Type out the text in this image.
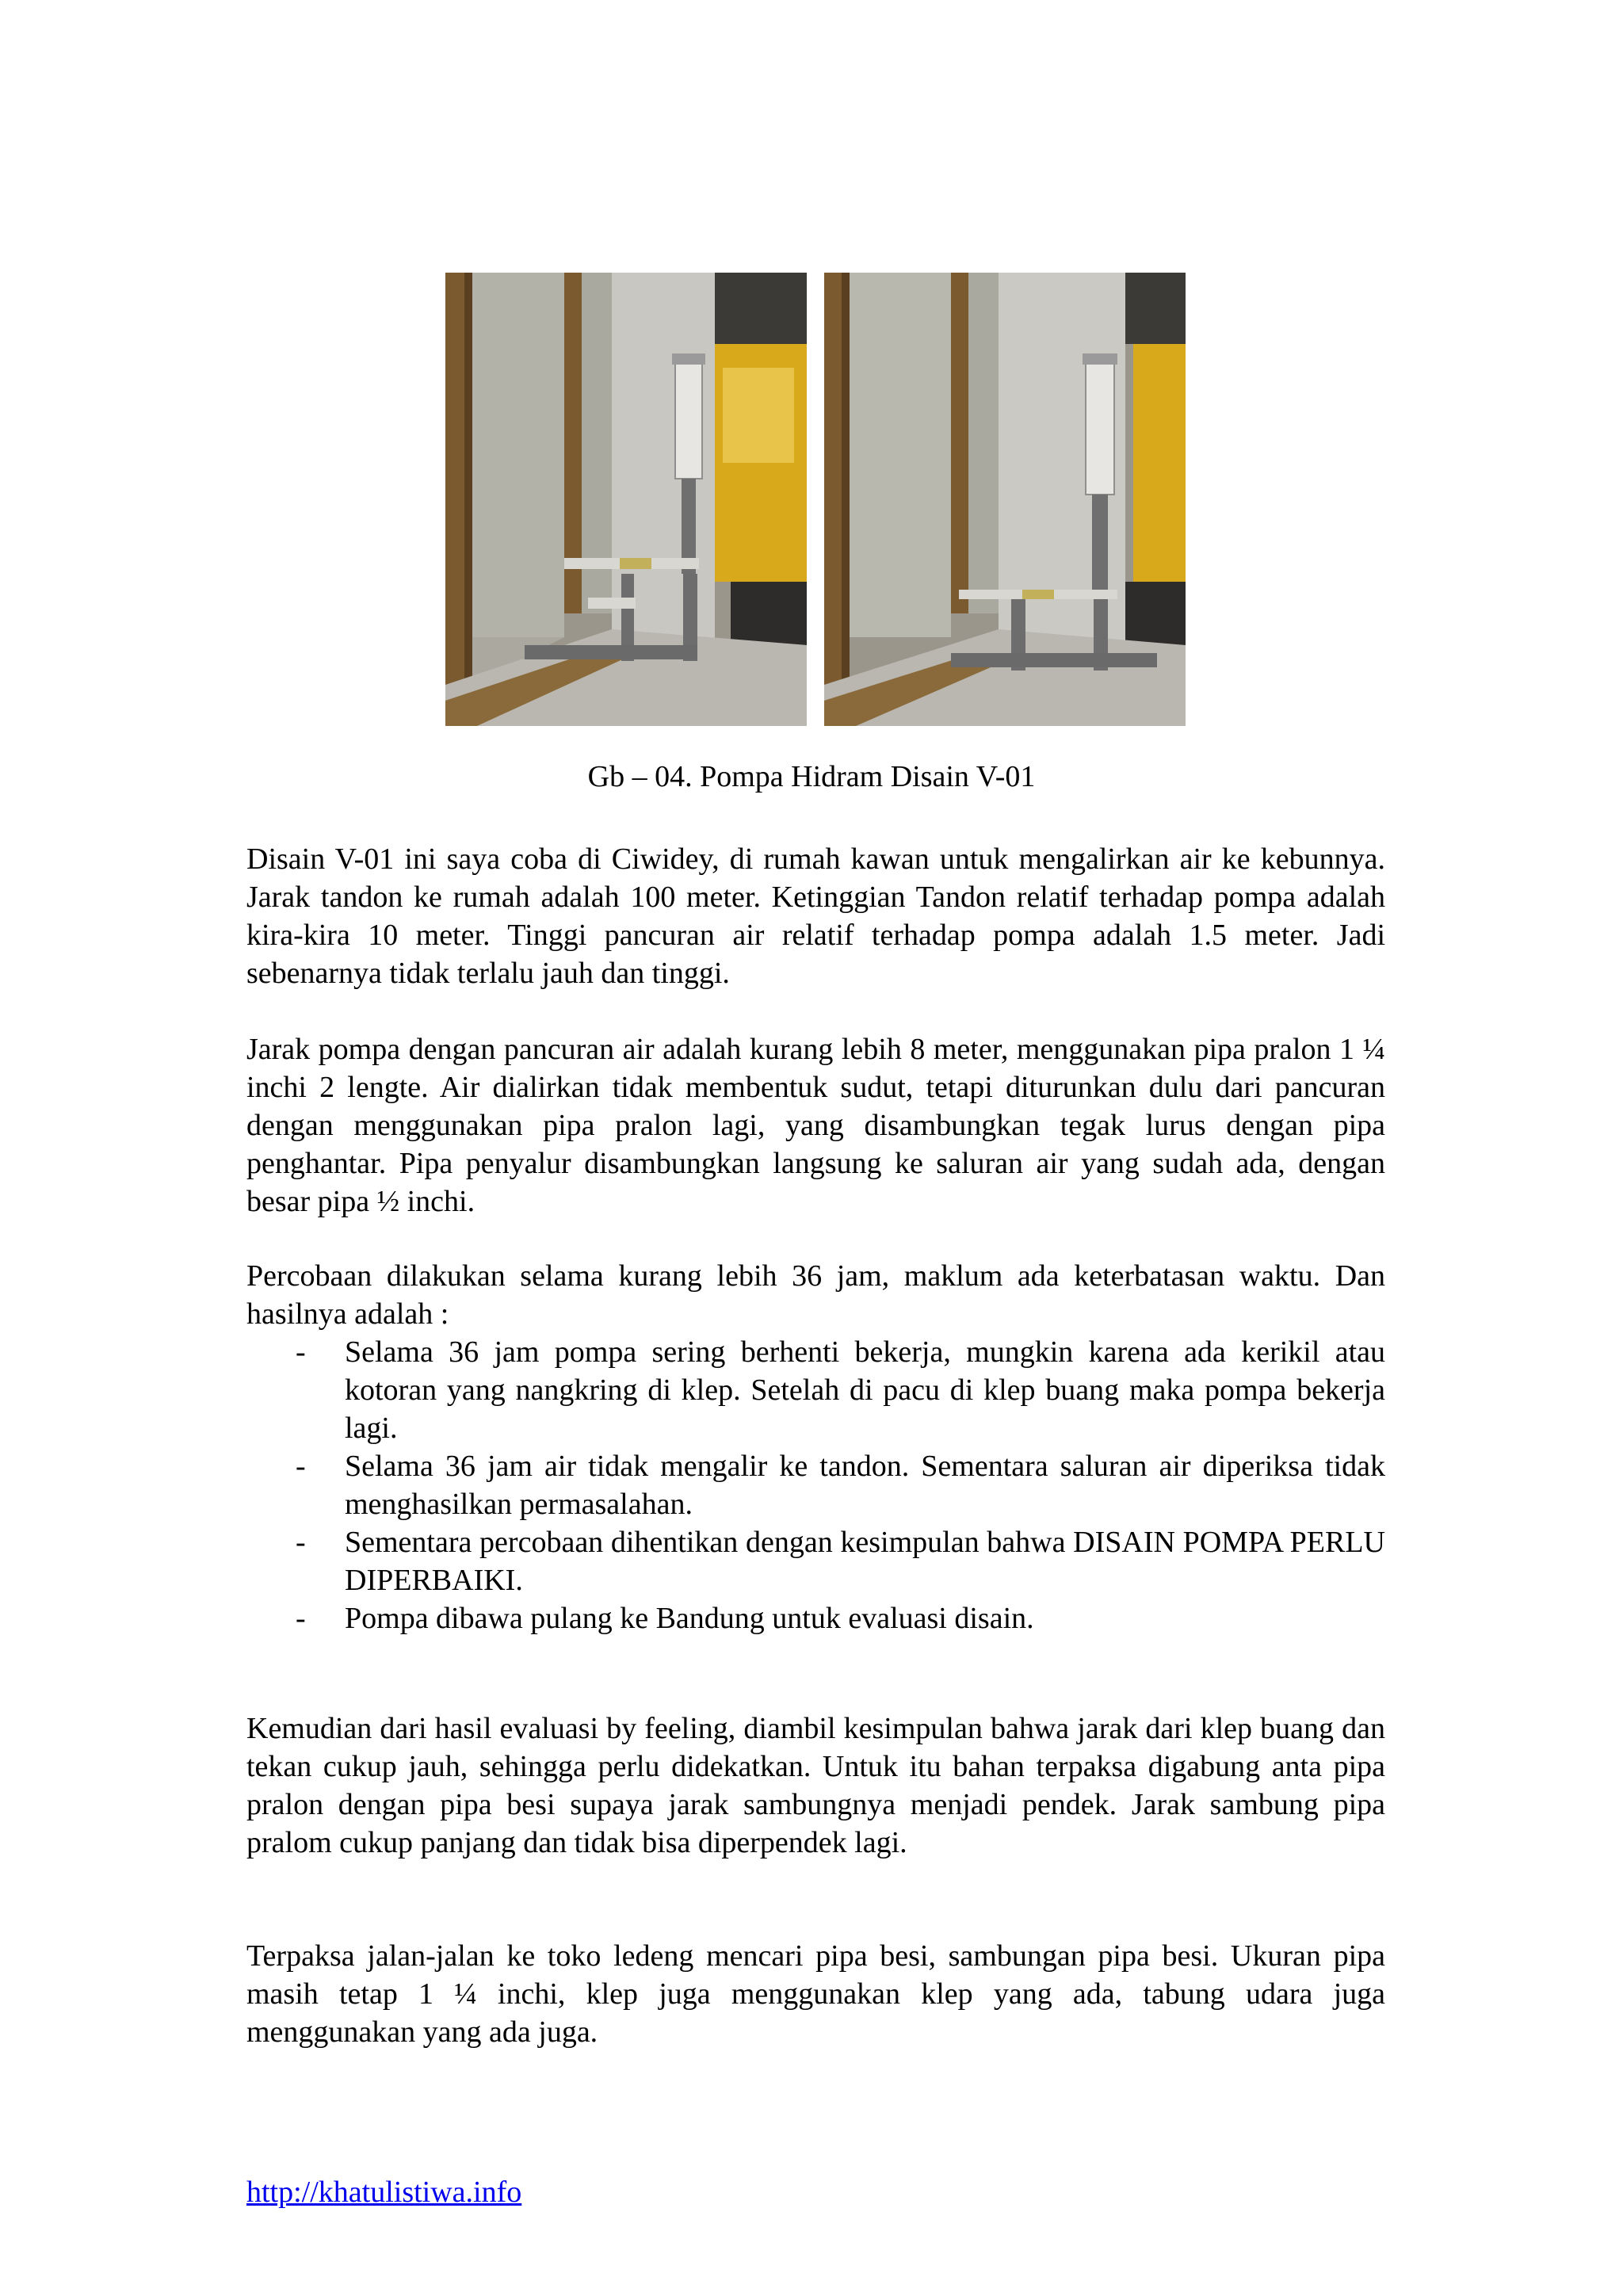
Gb – 04. Pompa Hidram Disain V-01

Disain V-01 ini saya coba di Ciwidey, di rumah kawan untuk mengalirkan air ke kebunnya. Jarak tandon ke rumah adalah 100 meter. Ketinggian Tandon relatif terhadap pompa adalah kira-kira 10 meter. Tinggi pancuran air relatif terhadap pompa adalah 1.5 meter. Jadi sebenarnya tidak terlalu jauh dan tinggi.

Jarak pompa dengan pancuran air adalah kurang lebih 8 meter, menggunakan pipa pralon 1 ¼ inchi 2 lengte. Air dialirkan tidak membentuk sudut, tetapi diturunkan dulu dari pancuran dengan menggunakan pipa pralon lagi, yang disambungkan tegak lurus dengan pipa penghantar. Pipa penyalur disambungkan langsung ke saluran air yang sudah ada, dengan besar pipa ½ inchi.

Percobaan dilakukan selama kurang lebih 36 jam, maklum ada keterbatasan waktu. Dan hasilnya adalah :

- Selama 36 jam pompa sering berhenti bekerja, mungkin karena ada kerikil atau kotoran yang nangkring di klep. Setelah di pacu di klep buang maka pompa bekerja lagi.
- Selama 36 jam air tidak mengalir ke tandon. Sementara saluran air diperiksa tidak menghasilkan permasalahan.
- Sementara percobaan dihentikan dengan kesimpulan bahwa DISAIN POMPA PERLU DIPERBAIKI.
- Pompa dibawa pulang ke Bandung untuk evaluasi disain.

Kemudian dari hasil evaluasi by feeling, diambil kesimpulan bahwa jarak dari klep buang dan tekan cukup jauh, sehingga perlu didekatkan. Untuk itu bahan terpaksa digabung anta pipa pralon dengan pipa besi supaya jarak sambungnya menjadi pendek. Jarak sambung pipa pralom cukup panjang dan tidak bisa diperpendek lagi.

Terpaksa jalan-jalan ke toko ledeng mencari pipa besi, sambungan pipa besi. Ukuran pipa masih tetap 1 ¼ inchi, klep juga menggunakan klep yang ada, tabung udara juga menggunakan yang ada juga.

http://khatulistiwa.info
